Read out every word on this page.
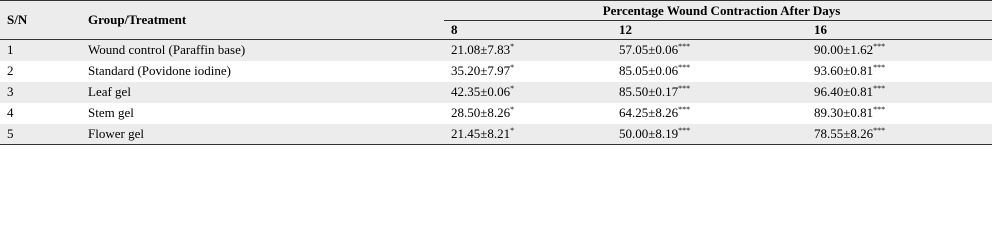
S/N	Group/Treatment	Percentage Wound Contraction After Days		
		8	12	16
1	Wound control (Paraffin base)	21.08±7.83*	57.05±0.06***	90.00±1.62***
2	Standard (Povidone iodine)	35.20±7.97*	85.05±0.06***	93.60±0.81***
3	Leaf gel	42.35±0.06*	85.50±0.17***	96.40±0.81***
4	Stem gel	28.50±8.26*	64.25±8.26***	89.30±0.81***
5	Flower gel	21.45±8.21*	50.00±8.19***	78.55±8.26***
